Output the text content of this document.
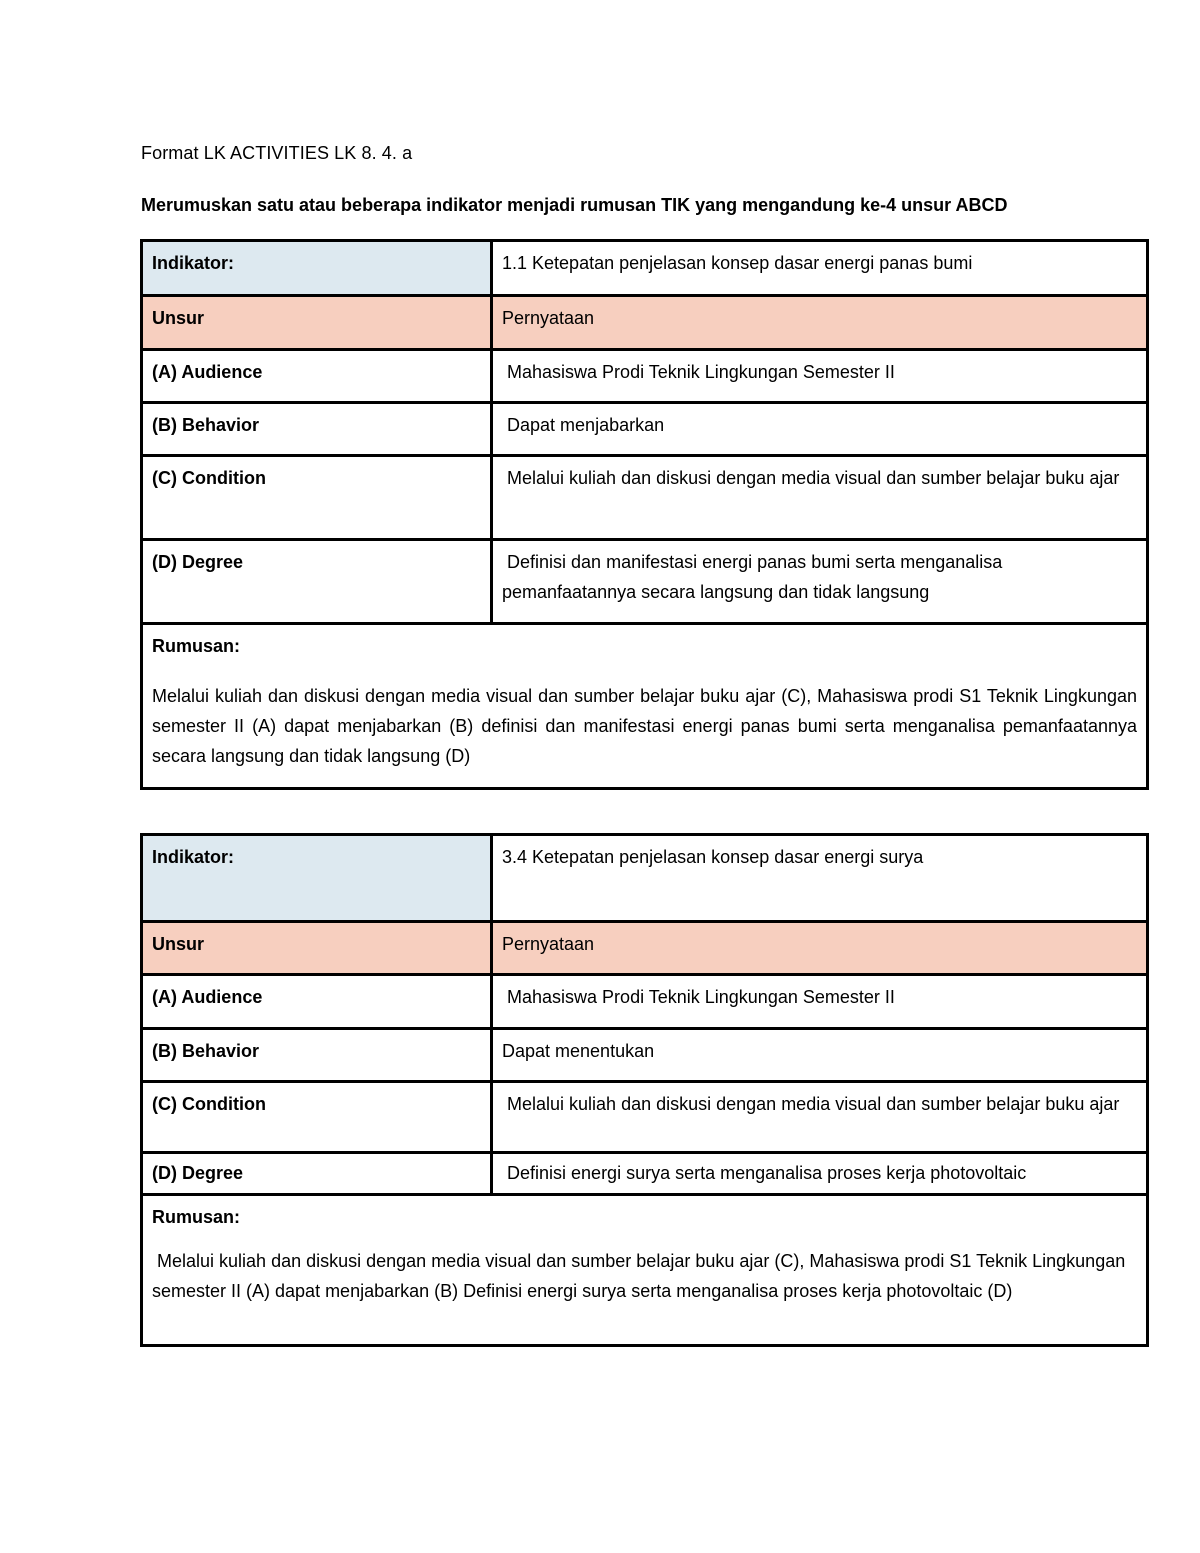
Format LK ACTIVITIES LK 8. 4. a
Merumuskan satu atau beberapa indikator menjadi rumusan TIK yang mengandung ke-4 unsur ABCD
Indikator:	1.1 Ketepatan penjelasan konsep dasar energi panas bumi
Unsur	Pernyataan
(A) Audience	Mahasiswa Prodi Teknik Lingkungan Semester II
(B) Behavior	Dapat menjabarkan
(C) Condition	Melalui kuliah dan diskusi dengan media visual dan sumber belajar buku ajar
(D) Degree	Definisi dan manifestasi energi panas bumi serta menganalisa pemanfaatannya secara langsung dan tidak langsung

Rumusan:
Melalui kuliah dan diskusi dengan media visual dan sumber belajar buku ajar (C), Mahasiswa prodi S1 Teknik Lingkungan semester II (A) dapat menjabarkan (B) definisi dan manifestasi energi panas bumi serta menganalisa pemanfaatannya secara langsung dan tidak langsung (D)	
Indikator:	3.4 Ketepatan penjelasan konsep dasar energi surya
Unsur	Pernyataan
(A) Audience	Mahasiswa Prodi Teknik Lingkungan Semester II
(B) Behavior	Dapat menentukan
(C) Condition	Melalui kuliah dan diskusi dengan media visual dan sumber belajar buku ajar
(D) Degree	Definisi energi surya serta menganalisa proses kerja photovoltaic

Rumusan:
Melalui kuliah dan diskusi dengan media visual dan sumber belajar buku ajar (C), Mahasiswa prodi S1 Teknik Lingkungan semester II (A) dapat menjabarkan (B) Definisi energi surya serta menganalisa proses kerja photovoltaic (D)	
